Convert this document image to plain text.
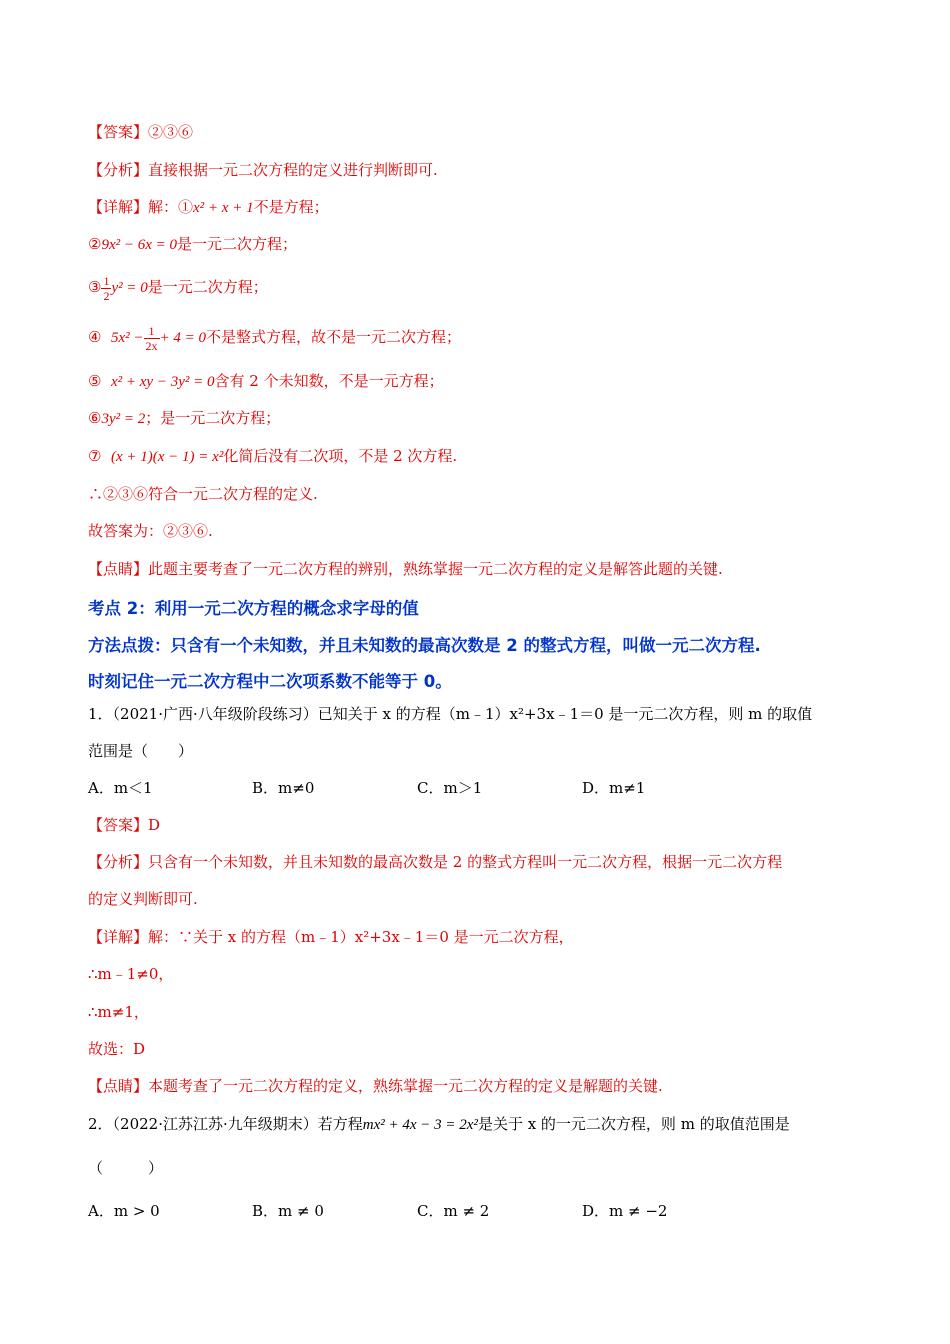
【答案】②③⑥
【分析】直接根据一元二次方程的定义进行判断即可.
【详解】解：①x² + x + 1不是方程；
②9x² − 6x = 0是一元二次方程；
③ $\frac{1}{2} y^2 = 0$是一元二次方程；
④ $5x^2 - \frac{1}{2x} + 4 = 0$不是整式方程，故不是一元二次方程；
⑤ x² + xy − 3y² = 0含有 2 个未知数，不是一元方程；
⑥3y² = 2；是一元二次方程；
⑦ (x + 1)(x − 1) = x²化简后没有二次项，不是 2 次方程.
∴②③⑥符合一元二次方程的定义.
故答案为：②③⑥.
【点睛】此题主要考查了一元二次方程的辨别，熟练掌握一元二次方程的定义是解答此题的关键.
考点 2：利用一元二次方程的概念求字母的值
方法点拨：只含有一个未知数，并且未知数的最高次数是 2 的整式方程，叫做一元二次方程.
时刻记住一元二次方程中二次项系数不能等于 0。
1．（2021·广西·八年级阶段练习）已知关于 x 的方程（m﹣1）x²+3x﹣1＝0 是一元二次方程，则 m 的取值
范围是（　　）
A．m＜1	B．m≠0	C．m＞1	D．m≠1
【答案】D
【分析】只含有一个未知数，并且未知数的最高次数是 2 的整式方程叫一元二次方程，根据一元二次方程
的定义判断即可.
【详解】解：∵关于 x 的方程（m﹣1）x²+3x﹣1＝0 是一元二次方程，
∴m﹣1≠0，
∴m≠1，
故选：D
【点睛】本题考查了一元二次方程的定义，熟练掌握一元二次方程的定义是解题的关键.
2．（2022·江苏江苏·九年级期末）若方程mx² + 4x − 3 = 2x²是关于 x 的一元二次方程，则 m 的取值范围是
（　　　）
A．m > 0	B．m ≠ 0	C．m ≠ 2	D．m ≠ −2
